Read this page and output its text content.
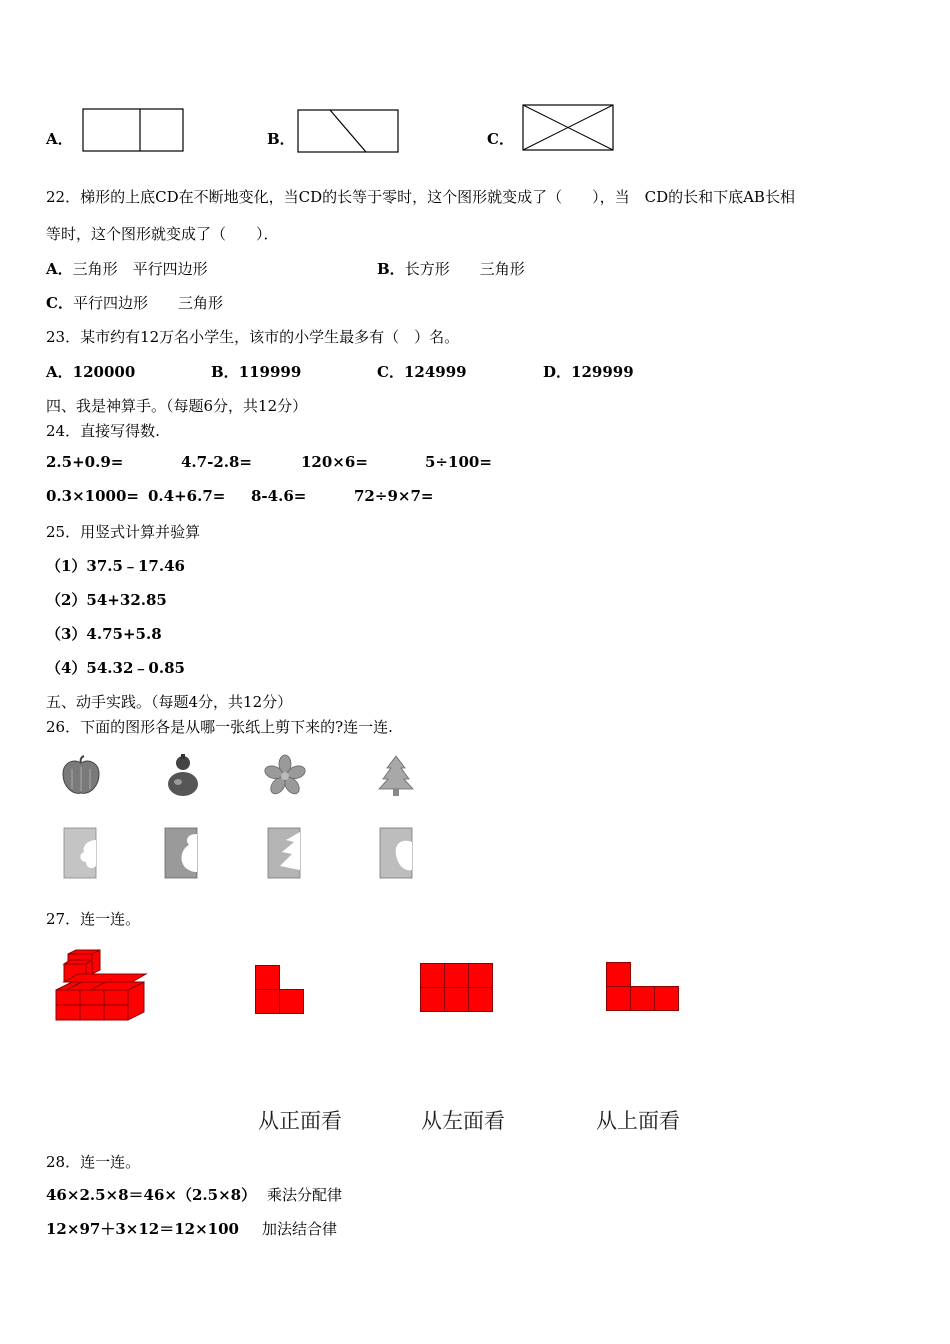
A．	B．	C．
22．梯形的上底CD在不断地变化，当CD的长等于零时，这个图形就变成了（　　），当　CD的长和下底AB长相
等时，这个图形就变成了（　　）．
A．三角形　平行四边形	B．长方形　　三角形
C．平行四边形　　三角形
23．某市约有12万名小学生，该市的小学生最多有（　）名。
A．120000	B．119999	C．124999	D．129999
四、我是神算手。（每题6分，共12分）
24．直接写得数.
2.5+0.9=	4.7-2.8=	120×6=	5÷100=
0.3×1000= 0.4+6.7= 8-4.6=	72÷9×7=
25．用竖式计算并验算
（1）37.5﹣17.46
（2）54+32.85
（3）4.75+5.8
（4）54.32﹣0.85
五、动手实践。（每题4分，共12分）
26．下面的图形各是从哪一张纸上剪下来的?连一连.
27．连一连。
从正面看	从左面看	从上面看
28．连一连。
46×2.5×8＝46×（2.5×8） 乘法分配律
12×97＋3×12＝12×100 加法结合律
